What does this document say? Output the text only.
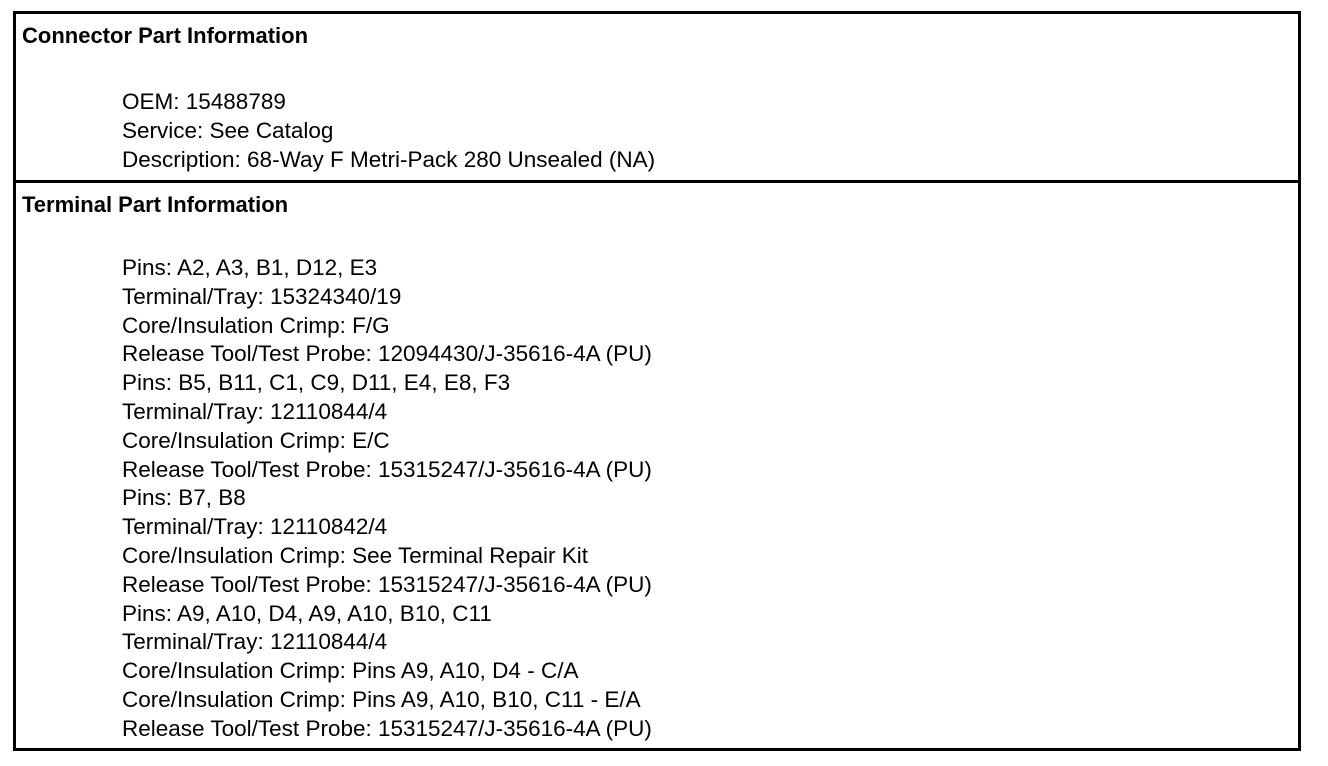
Connector Part Information
OEM: 15488789
Service: See Catalog
Description: 68-Way F Metri-Pack 280 Unsealed (NA)
Terminal Part Information
Pins: A2, A3, B1, D12, E3
Terminal/Tray: 15324340/19
Core/Insulation Crimp: F/G
Release Tool/Test Probe: 12094430/J-35616-4A (PU)
Pins: B5, B11, C1, C9, D11, E4, E8, F3
Terminal/Tray: 12110844/4
Core/Insulation Crimp: E/C
Release Tool/Test Probe: 15315247/J-35616-4A (PU)
Pins: B7, B8
Terminal/Tray: 12110842/4
Core/Insulation Crimp: See Terminal Repair Kit
Release Tool/Test Probe: 15315247/J-35616-4A (PU)
Pins: A9, A10, D4, A9, A10, B10, C11
Terminal/Tray: 12110844/4
Core/Insulation Crimp: Pins A9, A10, D4 - C/A
Core/Insulation Crimp: Pins A9, A10, B10, C11 - E/A
Release Tool/Test Probe: 15315247/J-35616-4A (PU)
